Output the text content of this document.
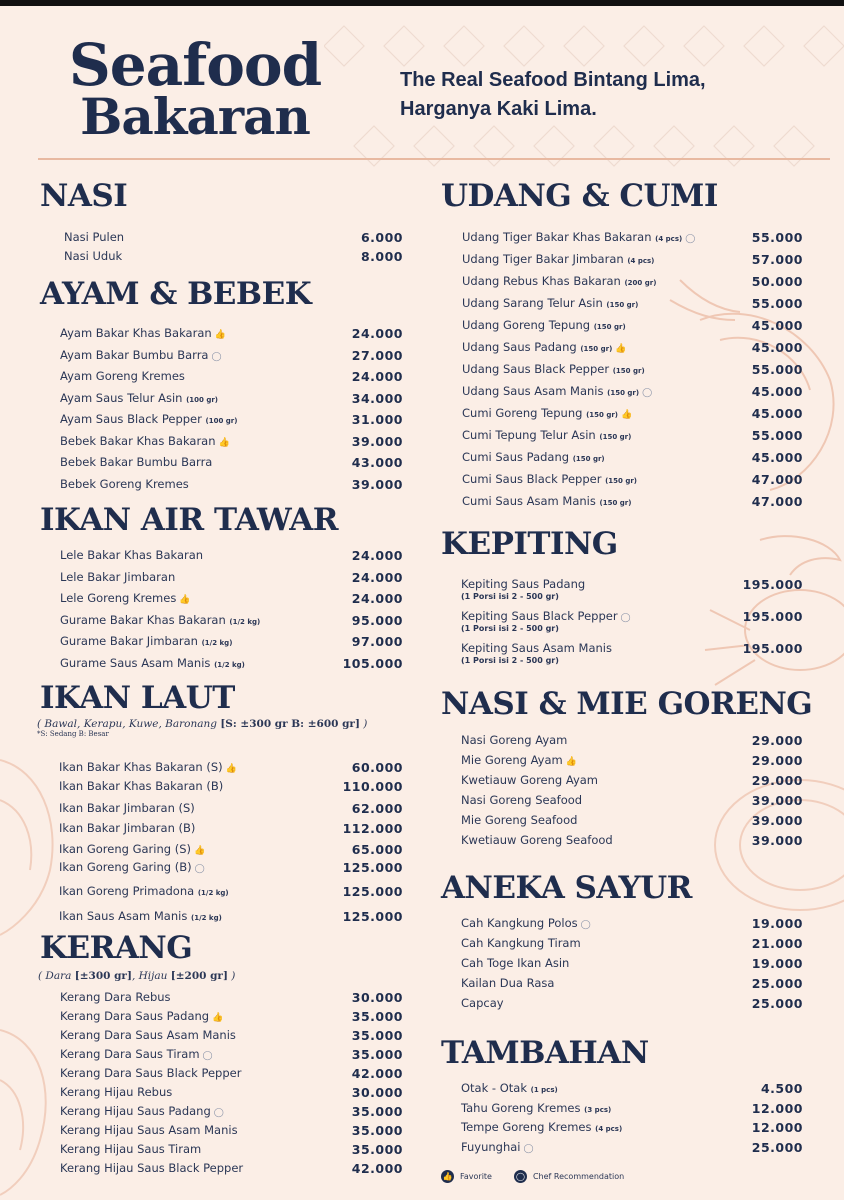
Seafood
Bakaran
The Real Seafood Bintang Lima,
Harganya Kaki Lima.
NASI
Nasi Pulen	6.000
Nasi Uduk	8.000
AYAM & BEBEK
Ayam Bakar Khas Bakaran 👍	24.000
Ayam Bakar Bumbu Barra ◯	27.000
Ayam Goreng Kremes	24.000
Ayam Saus Telur Asin (100 gr)	34.000
Ayam Saus Black Pepper (100 gr)	31.000
Bebek Bakar Khas Bakaran 👍	39.000
Bebek Bakar Bumbu Barra	43.000
Bebek Goreng Kremes	39.000
IKAN AIR TAWAR
Lele Bakar Khas Bakaran	24.000
Lele Bakar Jimbaran	24.000
Lele Goreng Kremes 👍	24.000
Gurame Bakar Khas Bakaran (1/2 kg)	95.000
Gurame Bakar Jimbaran (1/2 kg)	97.000
Gurame Saus Asam Manis (1/2 kg)	105.000
IKAN LAUT
( Bawal, Kerapu, Kuwe, Baronang [S: ±300 gr B: ±600 gr] )
*S: Sedang B: Besar
Ikan Bakar Khas Bakaran (S) 👍	60.000
Ikan Bakar Khas Bakaran (B)	110.000
Ikan Bakar Jimbaran (S)	62.000
Ikan Bakar Jimbaran (B)	112.000
Ikan Goreng Garing (S) 👍	65.000
Ikan Goreng Garing (B) ◯	125.000
Ikan Goreng Primadona (1/2 kg)	125.000
Ikan Saus Asam Manis (1/2 kg)	125.000
KERANG
( Dara [±300 gr], Hijau [±200 gr] )
Kerang Dara Rebus	30.000
Kerang Dara Saus Padang 👍	35.000
Kerang Dara Saus Asam Manis	35.000
Kerang Dara Saus Tiram ◯	35.000
Kerang Dara Saus Black Pepper	42.000
Kerang Hijau Rebus	30.000
Kerang Hijau Saus Padang ◯	35.000
Kerang Hijau Saus Asam Manis	35.000
Kerang Hijau Saus Tiram	35.000
Kerang Hijau Saus Black Pepper	42.000
UDANG & CUMI
Udang Tiger Bakar Khas Bakaran (4 pcs) ◯	55.000
Udang Tiger Bakar Jimbaran (4 pcs)	57.000
Udang Rebus Khas Bakaran (200 gr)	50.000
Udang Sarang Telur Asin (150 gr)	55.000
Udang Goreng Tepung (150 gr)	45.000
Udang Saus Padang (150 gr) 👍	45.000
Udang Saus Black Pepper (150 gr)	55.000
Udang Saus Asam Manis (150 gr) ◯	45.000
Cumi Goreng Tepung (150 gr) 👍	45.000
Cumi Tepung Telur Asin (150 gr)	55.000
Cumi Saus Padang (150 gr)	45.000
Cumi Saus Black Pepper (150 gr)	47.000
Cumi Saus Asam Manis (150 gr)	47.000
KEPITING
Kepiting Saus Padang
(1 Porsi isi 2 - 500 gr)
195.000
Kepiting Saus Black Pepper ◯
(1 Porsi isi 2 - 500 gr)
195.000
Kepiting Saus Asam Manis
(1 Porsi isi 2 - 500 gr)
195.000
NASI & MIE GORENG
Nasi Goreng Ayam	29.000
Mie Goreng Ayam 👍	29.000
Kwetiauw Goreng Ayam	29.000
Nasi Goreng Seafood	39.000
Mie Goreng Seafood	39.000
Kwetiauw Goreng Seafood	39.000
ANEKA SAYUR
Cah Kangkung Polos ◯	19.000
Cah Kangkung Tiram	21.000
Cah Toge Ikan Asin	19.000
Kailan Dua Rasa	25.000
Capcay	25.000
TAMBAHAN
Otak - Otak (1 pcs)	4.500
Tahu Goreng Kremes (3 pcs)	12.000
Tempe Goreng Kremes (4 pcs)	12.000
Fuyunghai ◯	25.000
👍 Favorite	◯ Chef Recommendation
